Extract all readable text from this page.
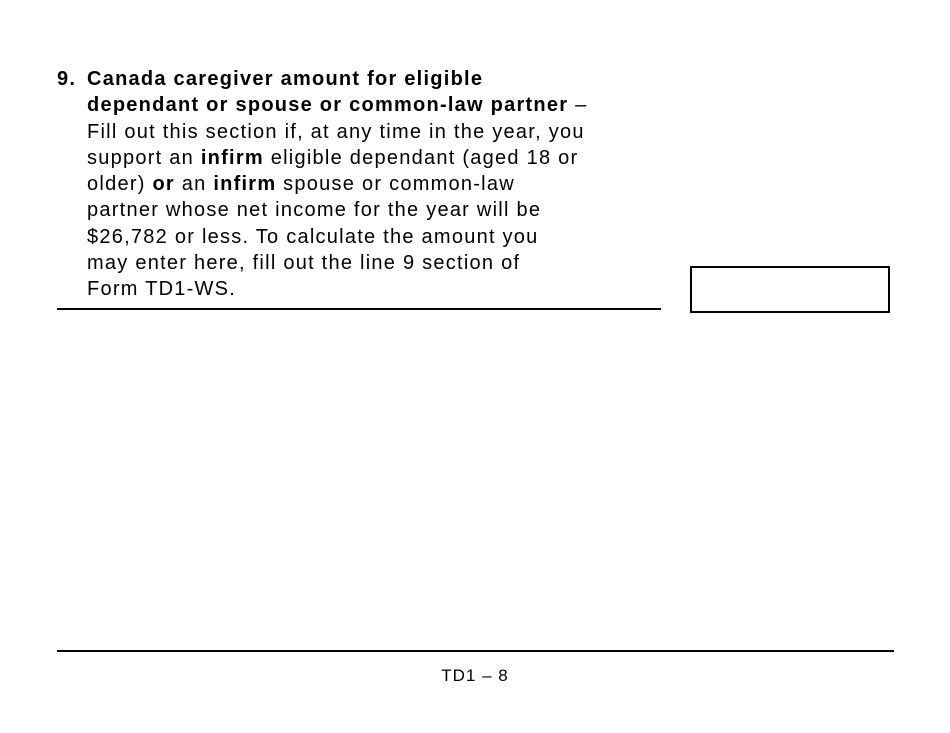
9. Canada caregiver amount for eligible
dependant or spouse or common-law partner –
Fill out this section if, at any time in the year, you
support an infirm eligible dependant (aged 18 or
older) or an infirm spouse or common-law
partner whose net income for the year will be
$26,782 or less. To calculate the amount you
may enter here, fill out the line 9 section of
Form TD1-WS.
TD1 – 8
